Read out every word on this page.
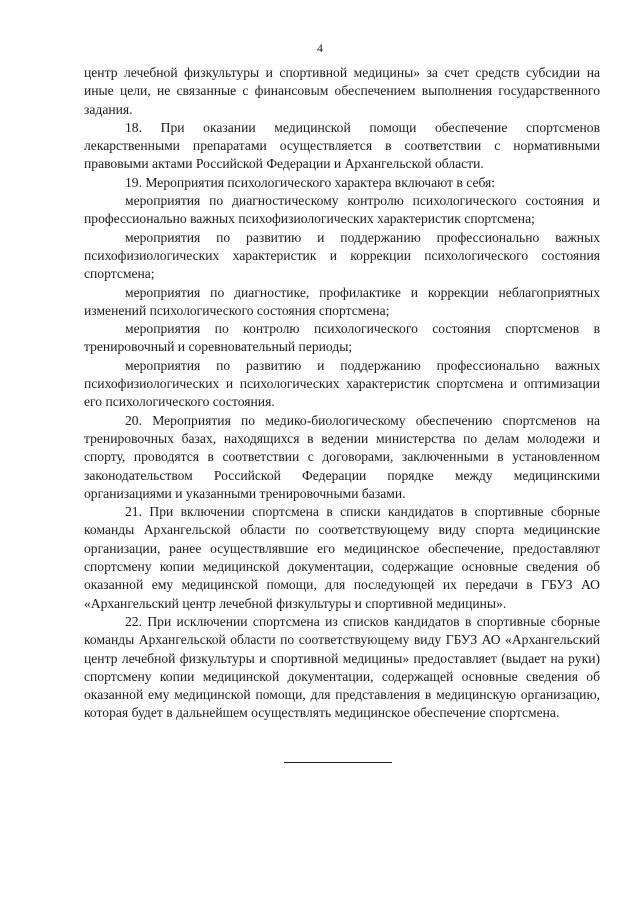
4

центр лечебной физкультуры и спортивной медицины» за счет средств субсидии на иные цели, не связанные с финансовым обеспечением выполнения государственного задания.

18. При оказании медицинской помощи обеспечение спортсменов лекарственными препаратами осуществляется в соответствии с нормативными правовыми актами Российской Федерации и Архангельской области.

19. Мероприятия психологического характера включают в себя:

мероприятия по диагностическому контролю психологического состояния и профессионально важных психофизиологических характеристик спортсмена;

мероприятия по развитию и поддержанию профессионально важных психофизиологических характеристик и коррекции психологического состояния спортсмена;

мероприятия по диагностике, профилактике и коррекции неблагоприятных изменений психологического состояния спортсмена;

мероприятия по контролю психологического состояния спортсменов в тренировочный и соревновательный периоды;

мероприятия по развитию и поддержанию профессионально важных психофизиологических и психологических характеристик спортсмена и оптимизации его психологического состояния.

20. Мероприятия по медико-биологическому обеспечению спортсменов на тренировочных базах, находящихся в ведении министерства по делам молодежи и спорту, проводятся в соответствии с договорами, заключенными в установленном законодательством Российской Федерации порядке между медицинскими организациями и указанными тренировочными базами.

21. При включении спортсмена в списки кандидатов в спортивные сборные команды Архангельской области по соответствующему виду спорта медицинские организации, ранее осуществлявшие его медицинское обеспечение, предоставляют спортсмену копии медицинской документации, содержащие основные сведения об оказанной ему медицинской помощи, для последующей их передачи в ГБУЗ АО «Архангельский центр лечебной физкультуры и спортивной медицины».

22. При исключении спортсмена из списков кандидатов в спортивные сборные команды Архангельской области по соответствующему виду ГБУЗ АО «Архангельский центр лечебной физкультуры и спортивной медицины» предоставляет (выдает на руки) спортсмену копии медицинской документации, содержащей основные сведения об оказанной ему медицинской помощи, для представления в медицинскую организацию, которая будет в дальнейшем осуществлять медицинское обеспечение спортсмена.
